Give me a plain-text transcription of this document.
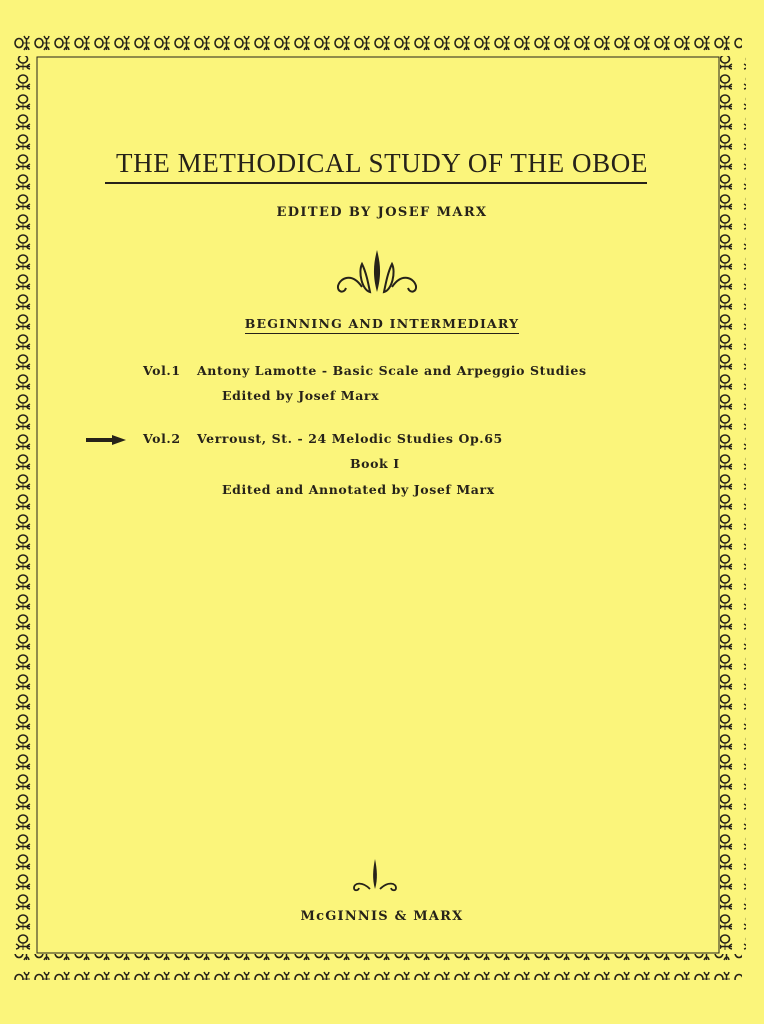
THE METHODICAL STUDY OF THE OBOE
EDITED BY JOSEF MARX
BEGINNING AND INTERMEDIARY
Vol.1 Antony Lamotte - Basic Scale and Arpeggio Studies
Edited by Josef Marx
Vol.2 Verroust, St. - 24 Melodic Studies Op.65
Book I
Edited and Annotated by Josef Marx
McGINNIS & MARX
